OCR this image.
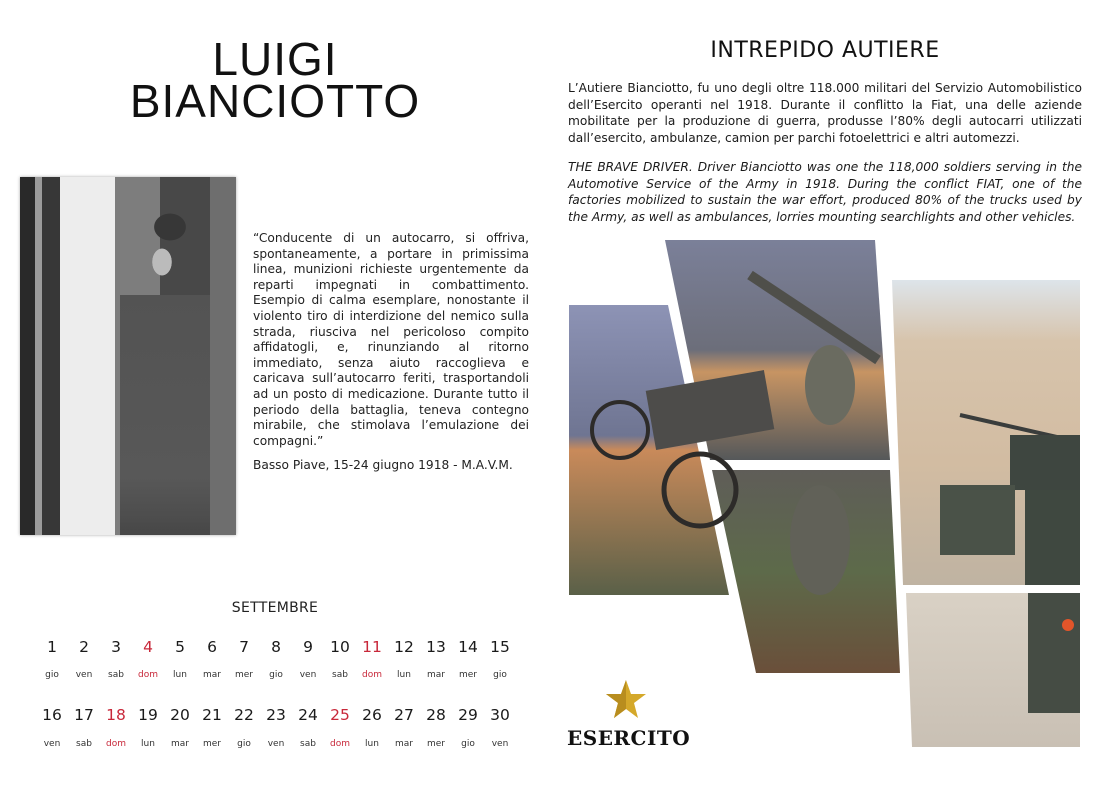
LUIGI
BIANCIOTTO

“Conducente di un autocarro, si offriva, spontaneamente, a portare in primissima linea, munizioni richieste urgentemente da reparti impegnati in combattimento. Esempio di calma esemplare, nonostante il violento tiro di interdizione del nemico sulla strada, riusciva nel pericoloso compito affidatogli, e, rinunziando al ritorno immediato, senza aiuto raccoglieva e caricava sull’autocarro feriti, trasportandoli ad un posto di medicazione. Durante tutto il periodo della battaglia, teneva contegno mirabile, che stimolava l’emulazione dei compagni.”

Basso Piave, 15-24 giugno 1918 - M.A.V.M.

SETTEMBRE
1	2	3	4	5	6	7	8	9	10 11 12 13 14 15
gio	ven	sab	dom	lun	mar	mer	gio	ven	sab	dom	lun	mar	mer	gio
16 17 18 19 20 21 22 23 24 25 26 27 28 29 30
ven	sab	dom	lun	mar	mer	gio	ven	sab	dom	lun	mar	mer	gio	ven
INTREPIDO AUTIERE

L’Autiere Bianciotto, fu uno degli oltre 118.000 militari del Servizio Automobilistico dell’Esercito operanti nel 1918. Durante il conflitto la Fiat, una delle aziende mobilitate per la produzione di guerra, produsse l’80% degli autocarri utilizzati dall’esercito, ambulanze, camion per parchi fotoelettrici e altri automezzi.

THE BRAVE DRIVER. Driver Bianciotto was one the 118,000 soldiers serving in the Automotive Service of the Army in 1918. During the conflict FIAT, one of the factories mobilized to sustain the war effort, produced 80% of the trucks used by the Army, as well as ambulances, lorries mounting searchlights and other vehicles.

ESERCITO
